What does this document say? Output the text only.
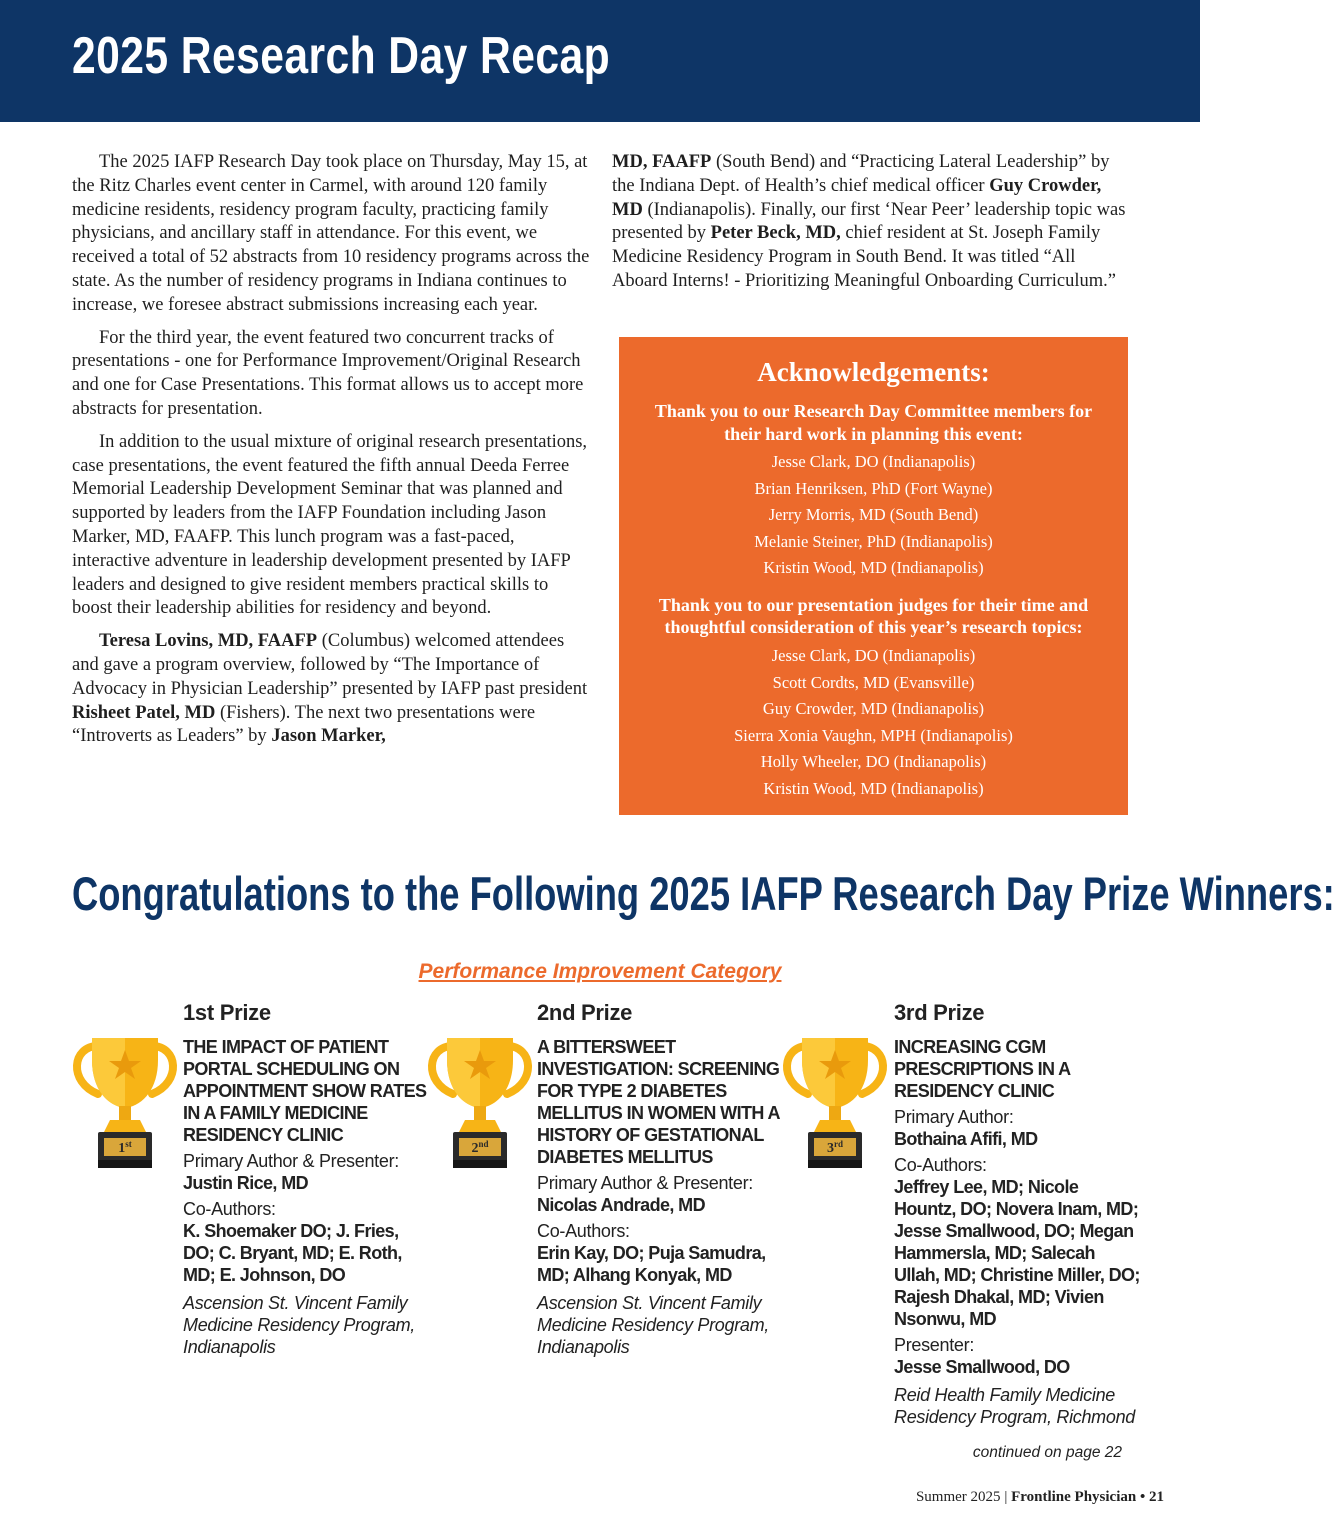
2025 Research Day Recap

The 2025 IAFP Research Day took place on Thursday, May 15, at the Ritz Charles event center in Carmel, with around 120 family medicine residents, residency program faculty, practicing family physicians, and ancillary staff in attendance. For this event, we received a total of 52 abstracts from 10 residency programs across the state. As the number of residency programs in Indiana continues to increase, we foresee abstract submissions increasing each year.

For the third year, the event featured two concurrent tracks of presentations - one for Performance Improvement/Original Research and one for Case Presentations. This format allows us to accept more abstracts for presentation.

In addition to the usual mixture of original research presentations, case presentations, the event featured the fifth annual Deeda Ferree Memorial Leadership Development Seminar that was planned and supported by leaders from the IAFP Foundation including Jason Marker, MD, FAAFP. This lunch program was a fast-paced, interactive adventure in leadership development presented by IAFP leaders and designed to give resident members practical skills to boost their leadership abilities for residency and beyond.

Teresa Lovins, MD, FAAFP (Columbus) welcomed attendees and gave a program overview, followed by “The Importance of Advocacy in Physician Leadership” presented by IAFP past president Risheet Patel, MD (Fishers). The next two presentations were “Introverts as Leaders” by Jason Marker,

MD, FAAFP (South Bend) and “Practicing Lateral Leadership” by the Indiana Dept. of Health’s chief medical officer Guy Crowder, MD (Indianapolis). Finally, our first ‘Near Peer’ leadership topic was presented by Peter Beck, MD, chief resident at St. Joseph Family Medicine Residency Program in South Bend. It was titled “All Aboard Interns! - Prioritizing Meaningful Onboarding Curriculum.”

Acknowledgements:
Thank you to our Research Day Committee members for their hard work in planning this event:
Jesse Clark, DO (Indianapolis)
Brian Henriksen, PhD (Fort Wayne)
Jerry Morris, MD (South Bend)
Melanie Steiner, PhD (Indianapolis)
Kristin Wood, MD (Indianapolis)
Thank you to our presentation judges for their time and thoughtful consideration of this year’s research topics:
Jesse Clark, DO (Indianapolis)
Scott Cordts, MD (Evansville)
Guy Crowder, MD (Indianapolis)
Sierra Xonia Vaughn, MPH (Indianapolis)
Holly Wheeler, DO (Indianapolis)
Kristin Wood, MD (Indianapolis)
Congratulations to the Following 2025 IAFP Research Day Prize Winners:
Performance Improvement Category
1st	2nd	3rd
1st Prize
THE IMPACT OF PATIENT PORTAL SCHEDULING ON APPOINTMENT SHOW RATES IN A FAMILY MEDICINE RESIDENCY CLINIC
Primary Author & Presenter:
Justin Rice, MD
Co-Authors:
K. Shoemaker DO; J. Fries, DO; C. Bryant, MD; E. Roth, MD; E. Johnson, DO
Ascension St. Vincent Family Medicine Residency Program, Indianapolis
2nd Prize
A BITTERSWEET INVESTIGATION: SCREENING FOR TYPE 2 DIABETES MELLITUS IN WOMEN WITH A HISTORY OF GESTATIONAL DIABETES MELLITUS
Primary Author & Presenter:
Nicolas Andrade, MD
Co-Authors:
Erin Kay, DO; Puja Samudra, MD; Alhang Konyak, MD
Ascension St. Vincent Family Medicine Residency Program, Indianapolis
3rd Prize
INCREASING CGM PRESCRIPTIONS IN A RESIDENCY CLINIC
Primary Author:
Bothaina Afifi, MD
Co-Authors:
Jeffrey Lee, MD; Nicole Hountz, DO; Novera Inam, MD; Jesse Smallwood, DO; Megan Hammersla, MD; Salecah Ullah, MD; Christine Miller, DO; Rajesh Dhakal, MD; Vivien Nsonwu, MD
Presenter:
Jesse Smallwood, DO
Reid Health Family Medicine Residency Program, Richmond
continued on page 22
Summer 2025 | Frontline Physician • 21
